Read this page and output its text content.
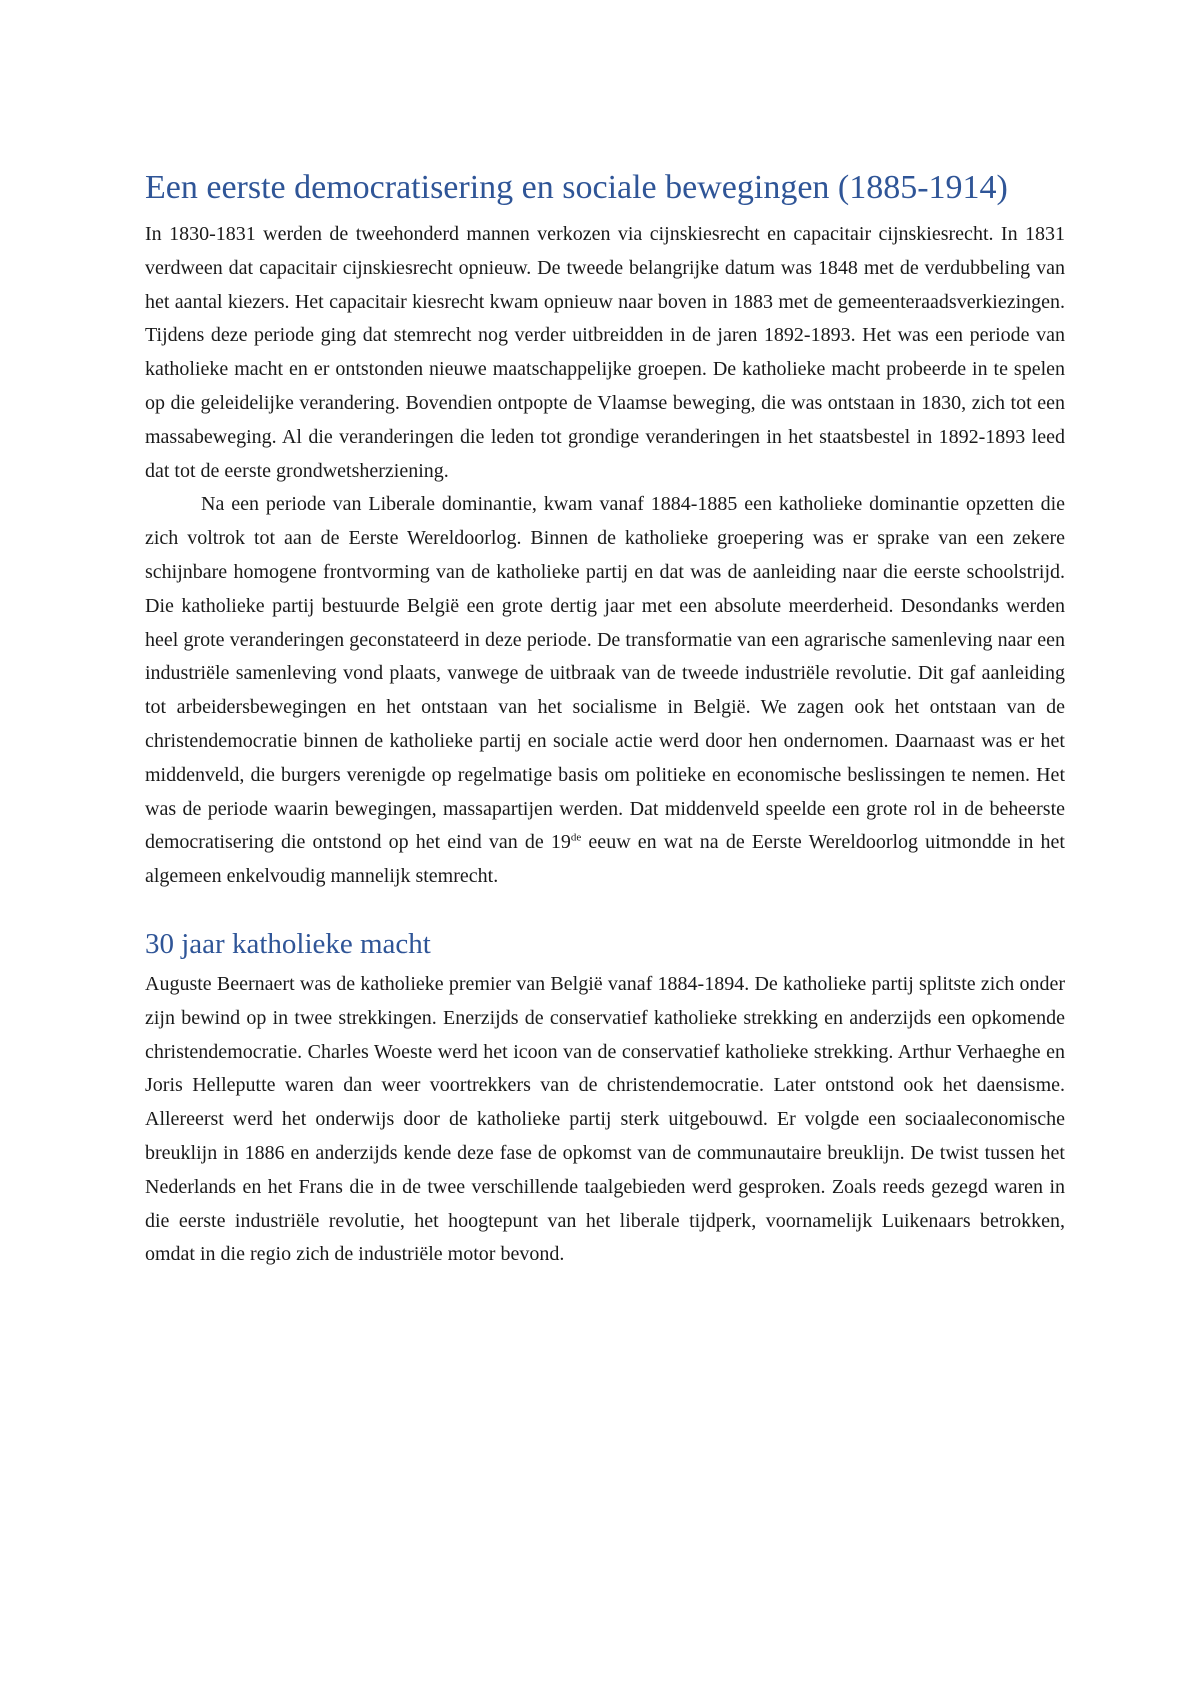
Een eerste democratisering en sociale bewegingen (1885-1914)

In 1830-1831 werden de tweehonderd mannen verkozen via cijnskiesrecht en capacitair cijnskiesrecht. In 1831 verdween dat capacitair cijnskiesrecht opnieuw. De tweede belangrijke datum was 1848 met de verdubbeling van het aantal kiezers. Het capacitair kiesrecht kwam opnieuw naar boven in 1883 met de gemeenteraadsverkiezingen. Tijdens deze periode ging dat stemrecht nog verder uitbreidden in de jaren 1892-1893. Het was een periode van katholieke macht en er ontstonden nieuwe maatschappelijke groepen. De katholieke macht probeerde in te spelen op die geleidelijke verandering. Bovendien ontpopte de Vlaamse beweging, die was ontstaan in 1830, zich tot een massabeweging. Al die veranderingen die leden tot grondige veranderingen in het staatsbestel in 1892-1893 leed dat tot de eerste grondwetsherziening.

Na een periode van Liberale dominantie, kwam vanaf 1884-1885 een katholieke dominantie opzetten die zich voltrok tot aan de Eerste Wereldoorlog. Binnen de katholieke groepering was er sprake van een zekere schijnbare homogene frontvorming van de katholieke partij en dat was de aanleiding naar die eerste schoolstrijd. Die katholieke partij bestuurde België een grote dertig jaar met een absolute meerderheid. Desondanks werden heel grote veranderingen geconstateerd in deze periode. De transformatie van een agrarische samenleving naar een industriële samenleving vond plaats, vanwege de uitbraak van de tweede industriële revolutie. Dit gaf aanleiding tot arbeidersbewegingen en het ontstaan van het socialisme in België. We zagen ook het ontstaan van de christendemocratie binnen de katholieke partij en sociale actie werd door hen ondernomen. Daarnaast was er het middenveld, die burgers verenigde op regelmatige basis om politieke en economische beslissingen te nemen. Het was de periode waarin bewegingen, massapartijen werden. Dat middenveld speelde een grote rol in de beheerste democratisering die ontstond op het eind van de 19de eeuw en wat na de Eerste Wereldoorlog uitmondde in het algemeen enkelvoudig mannelijk stemrecht.

30 jaar katholieke macht

Auguste Beernaert was de katholieke premier van België vanaf 1884-1894. De katholieke partij splitste zich onder zijn bewind op in twee strekkingen. Enerzijds de conservatief katholieke strekking en anderzijds een opkomende christendemocratie. Charles Woeste werd het icoon van de conservatief katholieke strekking. Arthur Verhaeghe en Joris Helleputte waren dan weer voortrekkers van de christendemocratie. Later ontstond ook het daensisme. Allereerst werd het onderwijs door de katholieke partij sterk uitgebouwd. Er volgde een sociaaleconomische breuklijn in 1886 en anderzijds kende deze fase de opkomst van de communautaire breuklijn. De twist tussen het Nederlands en het Frans die in de twee verschillende taalgebieden werd gesproken. Zoals reeds gezegd waren in die eerste industriële revolutie, het hoogtepunt van het liberale tijdperk, voornamelijk Luikenaars betrokken, omdat in die regio zich de industriële motor bevond.
